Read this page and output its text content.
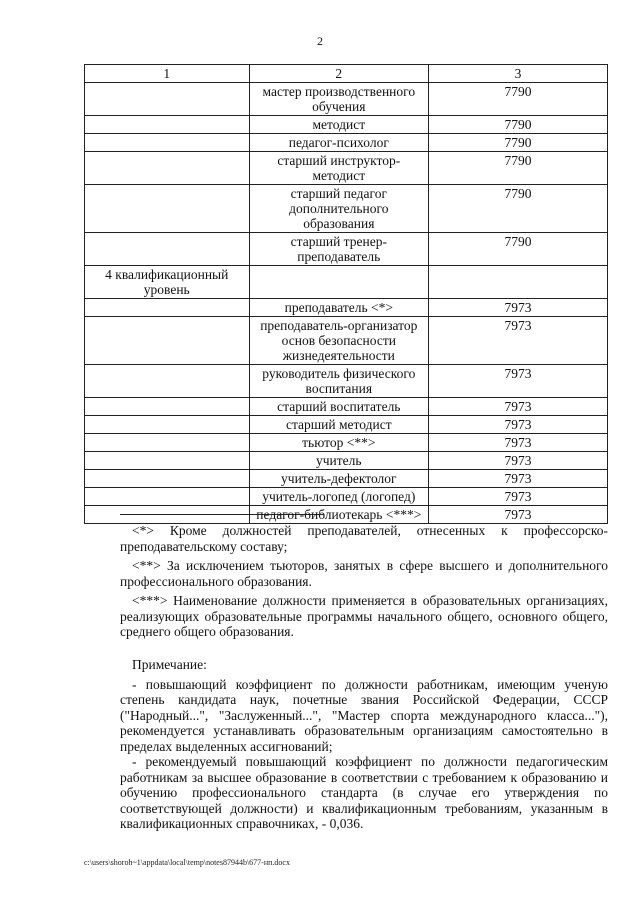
2
1	2	3
	мастер производственного обучения	7790
	методист	7790
	педагог-психолог	7790
	старший инструктор-методист	7790
	старший педагог дополнительного образования	7790
	старший тренер-преподаватель	7790
4 квалификационный уровень		
	преподаватель <*>	7973
	преподаватель-организатор основ безопасности жизнедеятельности	7973
	руководитель физического воспитания	7973
	старший воспитатель	7973
	старший методист	7973
	тьютор <**>	7973
	учитель	7973
	учитель-дефектолог	7973
	учитель-логопед (логопед)	7973
	педагог-библиотекарь <***>	7973

<*> Кроме должностей преподавателей, отнесенных к профессорско-преподавательскому составу;

<**> За исключением тьюторов, занятых в сфере высшего и дополнительного профессионального образования.

<***> Наименование должности применяется в образовательных организациях, реализующих образовательные программы начального общего, основного общего, среднего общего образования.

Примечание:

- повышающий коэффициент по должности работникам, имеющим ученую степень кандидата наук, почетные звания Российской Федерации, СССР ("Народный...", "Заслуженный...", "Мастер спорта международного класса..."), рекомендуется устанавливать образовательным организациям самостоятельно в пределах выделенных ассигнований;

- рекомендуемый повышающий коэффициент по должности педагогическим работникам за высшее образование в соответствии с требованием к образованию и обучению профессионального стандарта (в случае его утверждения по соответствующей должности) и квалификационным требованиям, указанным в квалификационных справочниках, - 0,036.

c:\users\shoroh~1\appdata\local\temp\notes87944b\677-нп.docx
